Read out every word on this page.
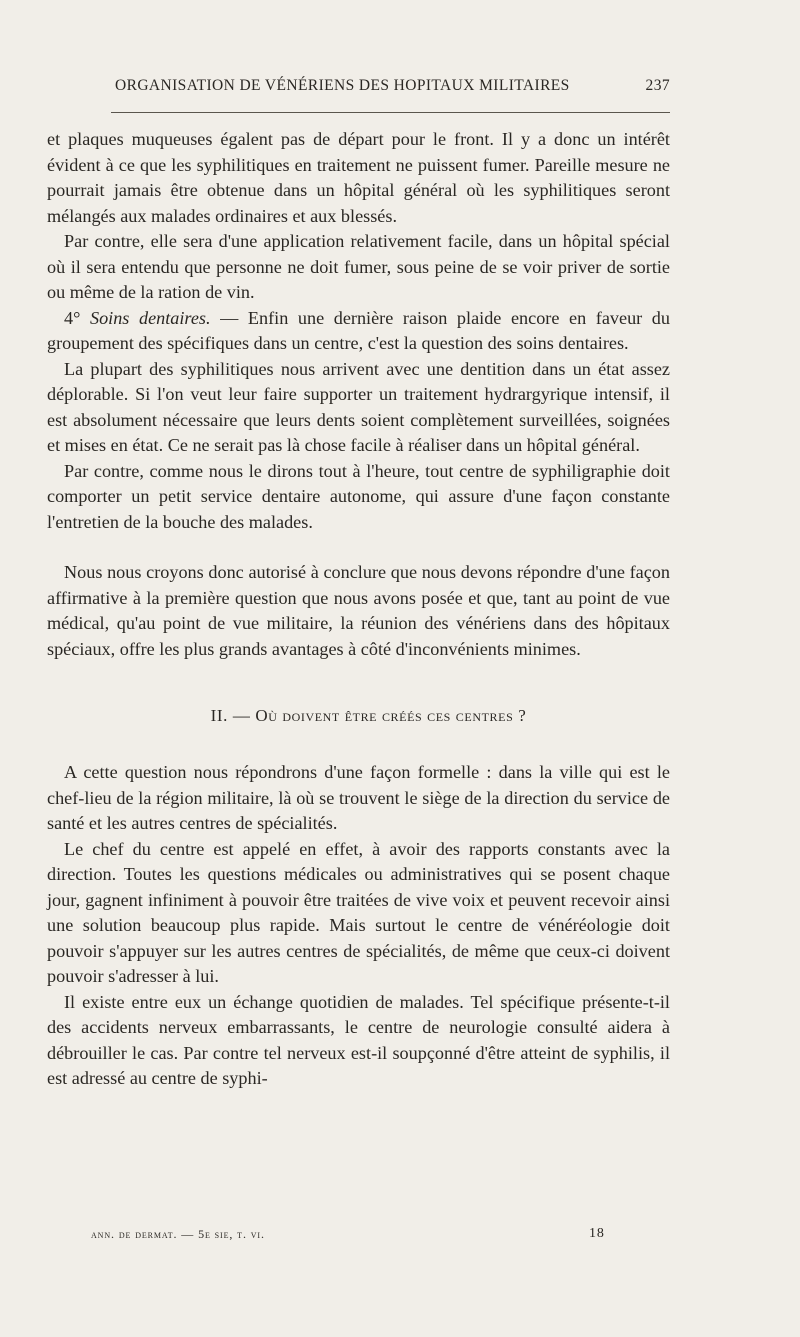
ORGANISATION DE VÉNÉRIENS DES HOPITAUX MILITAIRES	237

et plaques muqueuses égalent pas de départ pour le front. Il y a donc un intérêt évident à ce que les syphilitiques en traitement ne puissent fumer. Pareille mesure ne pourrait jamais être obtenue dans un hôpital général où les syphilitiques seront mélangés aux malades ordinaires et aux blessés.

Par contre, elle sera d'une application relativement facile, dans un hôpital spécial où il sera entendu que personne ne doit fumer, sous peine de se voir priver de sortie ou même de la ration de vin.

4° Soins dentaires. — Enfin une dernière raison plaide encore en faveur du groupement des spécifiques dans un centre, c'est la question des soins dentaires.

La plupart des syphilitiques nous arrivent avec une dentition dans un état assez déplorable. Si l'on veut leur faire supporter un traitement hydrargyrique intensif, il est absolument nécessaire que leurs dents soient complètement surveillées, soignées et mises en état. Ce ne serait pas là chose facile à réaliser dans un hôpital général.

Par contre, comme nous le dirons tout à l'heure, tout centre de syphiligraphie doit comporter un petit service dentaire autonome, qui assure d'une façon constante l'entretien de la bouche des malades.

Nous nous croyons donc autorisé à conclure que nous devons répondre d'une façon affirmative à la première question que nous avons posée et que, tant au point de vue médical, qu'au point de vue militaire, la réunion des vénériens dans des hôpitaux spéciaux, offre les plus grands avantages à côté d'inconvénients minimes.

II. — Où doivent être créés ces centres ?

A cette question nous répondrons d'une façon formelle : dans la ville qui est le chef-lieu de la région militaire, là où se trouvent le siège de la direction du service de santé et les autres centres de spécialités.

Le chef du centre est appelé en effet, à avoir des rapports constants avec la direction. Toutes les questions médicales ou administratives qui se posent chaque jour, gagnent infiniment à pouvoir être traitées de vive voix et peuvent recevoir ainsi une solution beaucoup plus rapide. Mais surtout le centre de vénéréologie doit pouvoir s'appuyer sur les autres centres de spécialités, de même que ceux-ci doivent pouvoir s'adresser à lui.

Il existe entre eux un échange quotidien de malades. Tel spécifique présente-t-il des accidents nerveux embarrassants, le centre de neurologie consulté aidera à débrouiller le cas. Par contre tel nerveux est-il soupçonné d'être atteint de syphilis, il est adressé au centre de syphi-

ann. de dermat. — 5e sie, t. vi.	18
